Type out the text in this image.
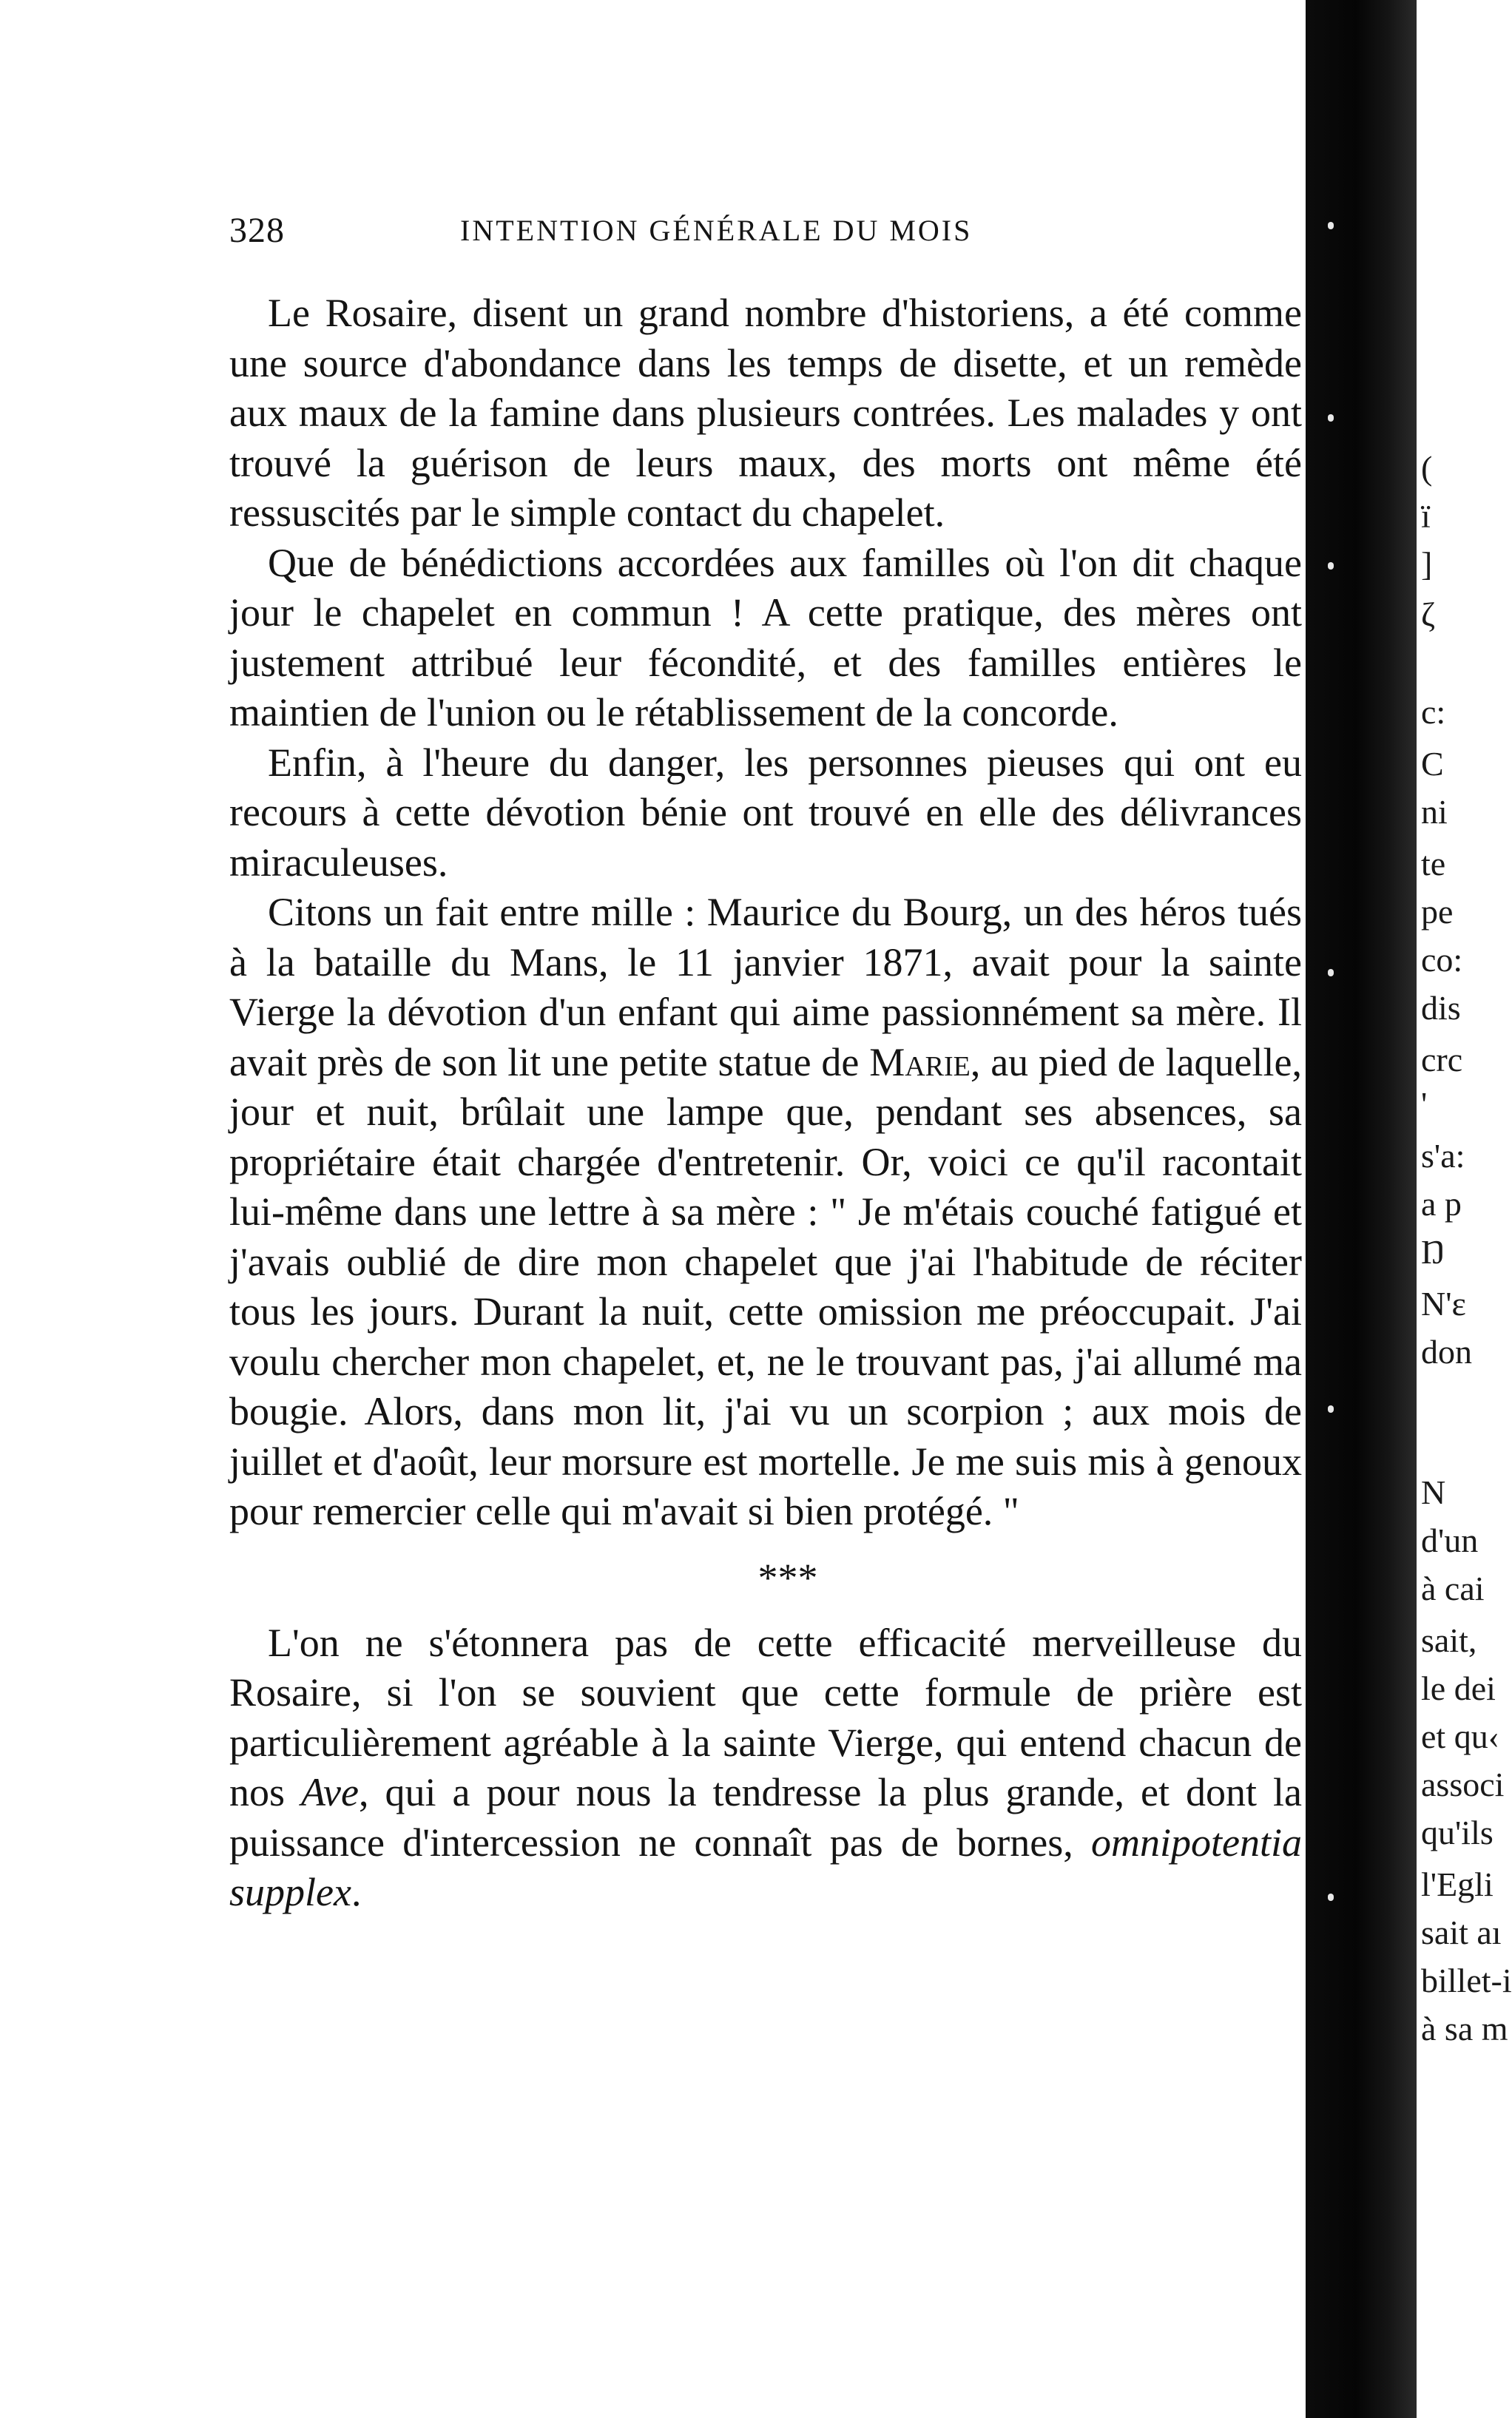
328	INTENTION GÉNÉRALE DU MOIS

Le Rosaire, disent un grand nombre d'historiens, a été comme une source d'abondance dans les temps de disette, et un remède aux maux de la famine dans plusieurs contrées. Les malades y ont trouvé la guérison de leurs maux, des morts ont même été ressuscités par le simple contact du chapelet.

Que de bénédictions accordées aux familles où l'on dit chaque jour le chapelet en commun ! A cette pratique, des mères ont justement attribué leur fécondité, et des familles entières le maintien de l'union ou le rétablissement de la concorde.

Enfin, à l'heure du danger, les personnes pieuses qui ont eu recours à cette dévotion bénie ont trouvé en elle des délivrances miraculeuses.

Citons un fait entre mille : Maurice du Bourg, un des héros tués à la bataille du Mans, le 11 janvier 1871, avait pour la sainte Vierge la dévotion d'un enfant qui aime passionnément sa mère. Il avait près de son lit une petite statue de Marie, au pied de laquelle, jour et nuit, brûlait une lampe que, pendant ses absences, sa propriétaire était chargée d'entretenir. Or, voici ce qu'il racontait lui-même dans une lettre à sa mère : " Je m'étais couché fatigué et j'avais oublié de dire mon chapelet que j'ai l'habitude de réciter tous les jours. Durant la nuit, cette omission me préoccupait. J'ai voulu chercher mon chapelet, et, ne le trouvant pas, j'ai allumé ma bougie. Alors, dans mon lit, j'ai vu un scorpion ; aux mois de juillet et d'août, leur morsure est mortelle. Je me suis mis à genoux pour remercier celle qui m'avait si bien protégé. "

***

L'on ne s'étonnera pas de cette efficacité merveilleuse du Rosaire, si l'on se souvient que cette formule de prière est particulièrement agréable à la sainte Vierge, qui entend chacun de nos Ave, qui a pour nous la tendresse la plus grande, et dont la puissance d'intercession ne connaît pas de bornes, omnipotentia supplex.

(
ï
]
ζ
c:
C
ni
te
pe
co:
dis
crc
'
s'a:
a p
Ŋ
N'ε
don
N
d'un
à cai
sait,
le dei
et qu‹
associ
qu'ils
l'Egli
sait aı
billet-i
à sa m
